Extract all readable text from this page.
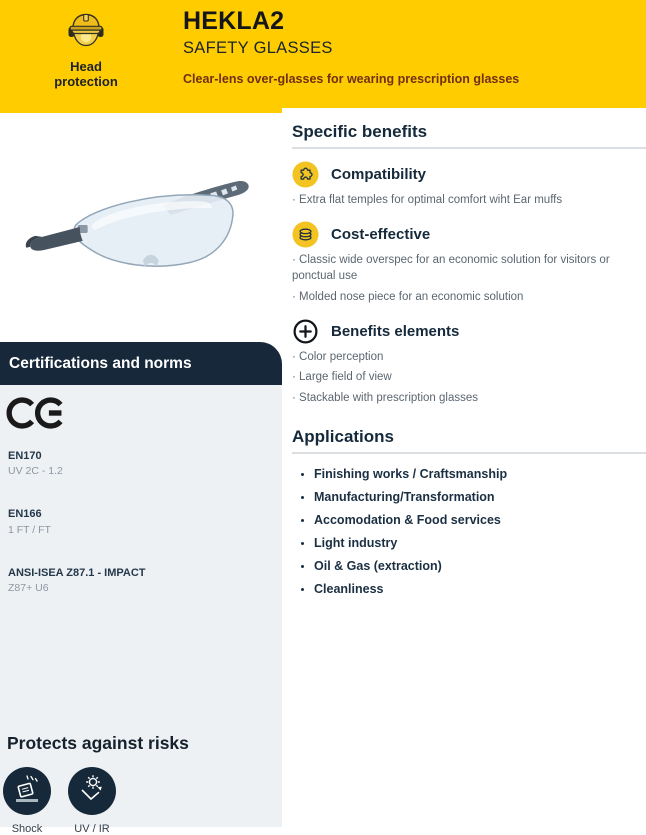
Head protection
HEKLA2
SAFETY GLASSES
Clear-lens over-glasses for wearing prescription glasses
Certifications and norms
EN170
UV 2C - 1.2
EN166
1 FT / FT
ANSI-ISEA Z87.1 - IMPACT
Z87+ U6
Protects against risks
Shock	UV / IR
Specific benefits
Compatibility
· Extra flat temples for optimal comfort wiht Ear muffs
Cost-effective
· Classic wide overspec for an economic solution for visitors or ponctual use
· Molded nose piece for an economic solution
Benefits elements
· Color perception
· Large field of view
· Stackable with prescription glasses
Applications
• Finishing works / Craftsmanship
• Manufacturing/Transformation
• Accomodation & Food services
• Light industry
• Oil & Gas (extraction)
• Cleanliness
